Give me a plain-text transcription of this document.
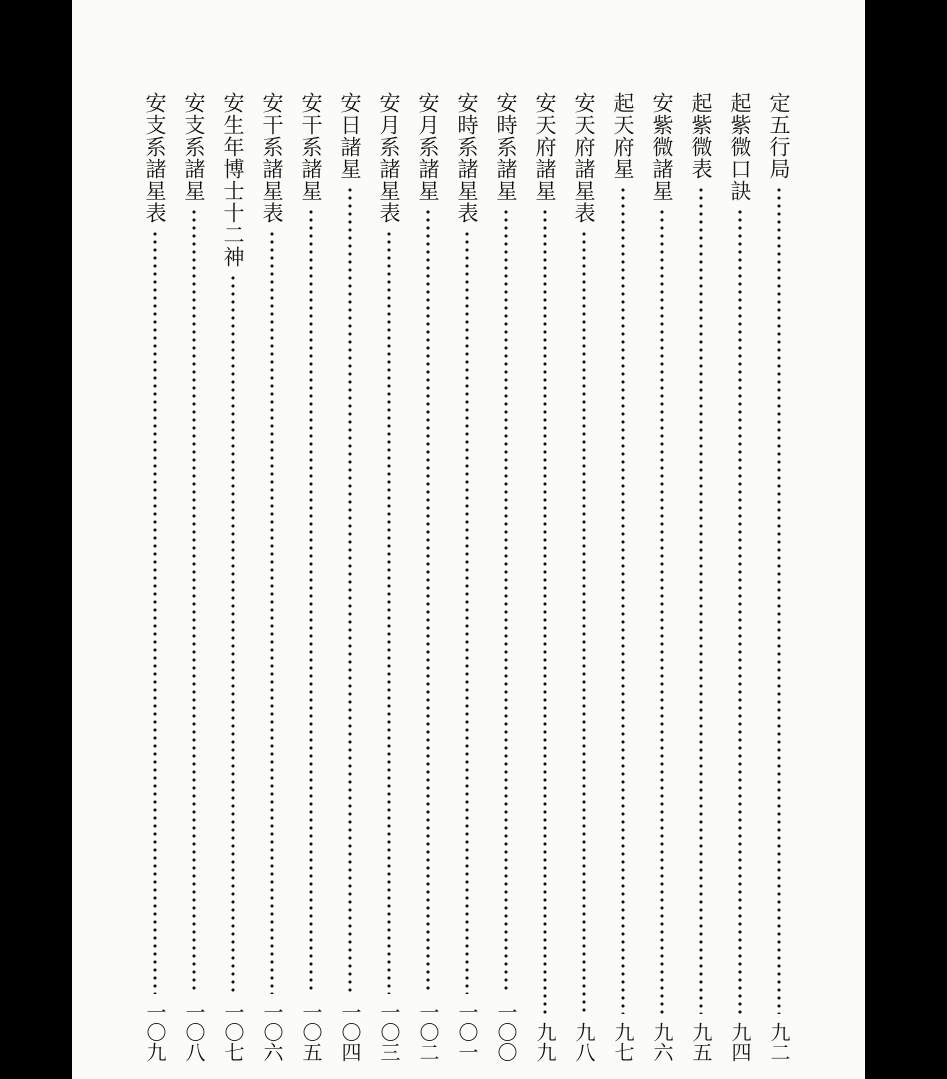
定五行局
九二
起紫微口訣
九四
起紫微表
九五
安紫微諸星
九六
起天府星
九七
安天府諸星表
九八
安天府諸星
九九
安時系諸星
一〇〇
安時系諸星表
一〇一
安月系諸星
一〇二
安月系諸星表
一〇三
安日諸星
一〇四
安干系諸星
一〇五
安干系諸星表
一〇六
安生年博士十二神
一〇七
安支系諸星
一〇八
安支系諸星表
一〇九
